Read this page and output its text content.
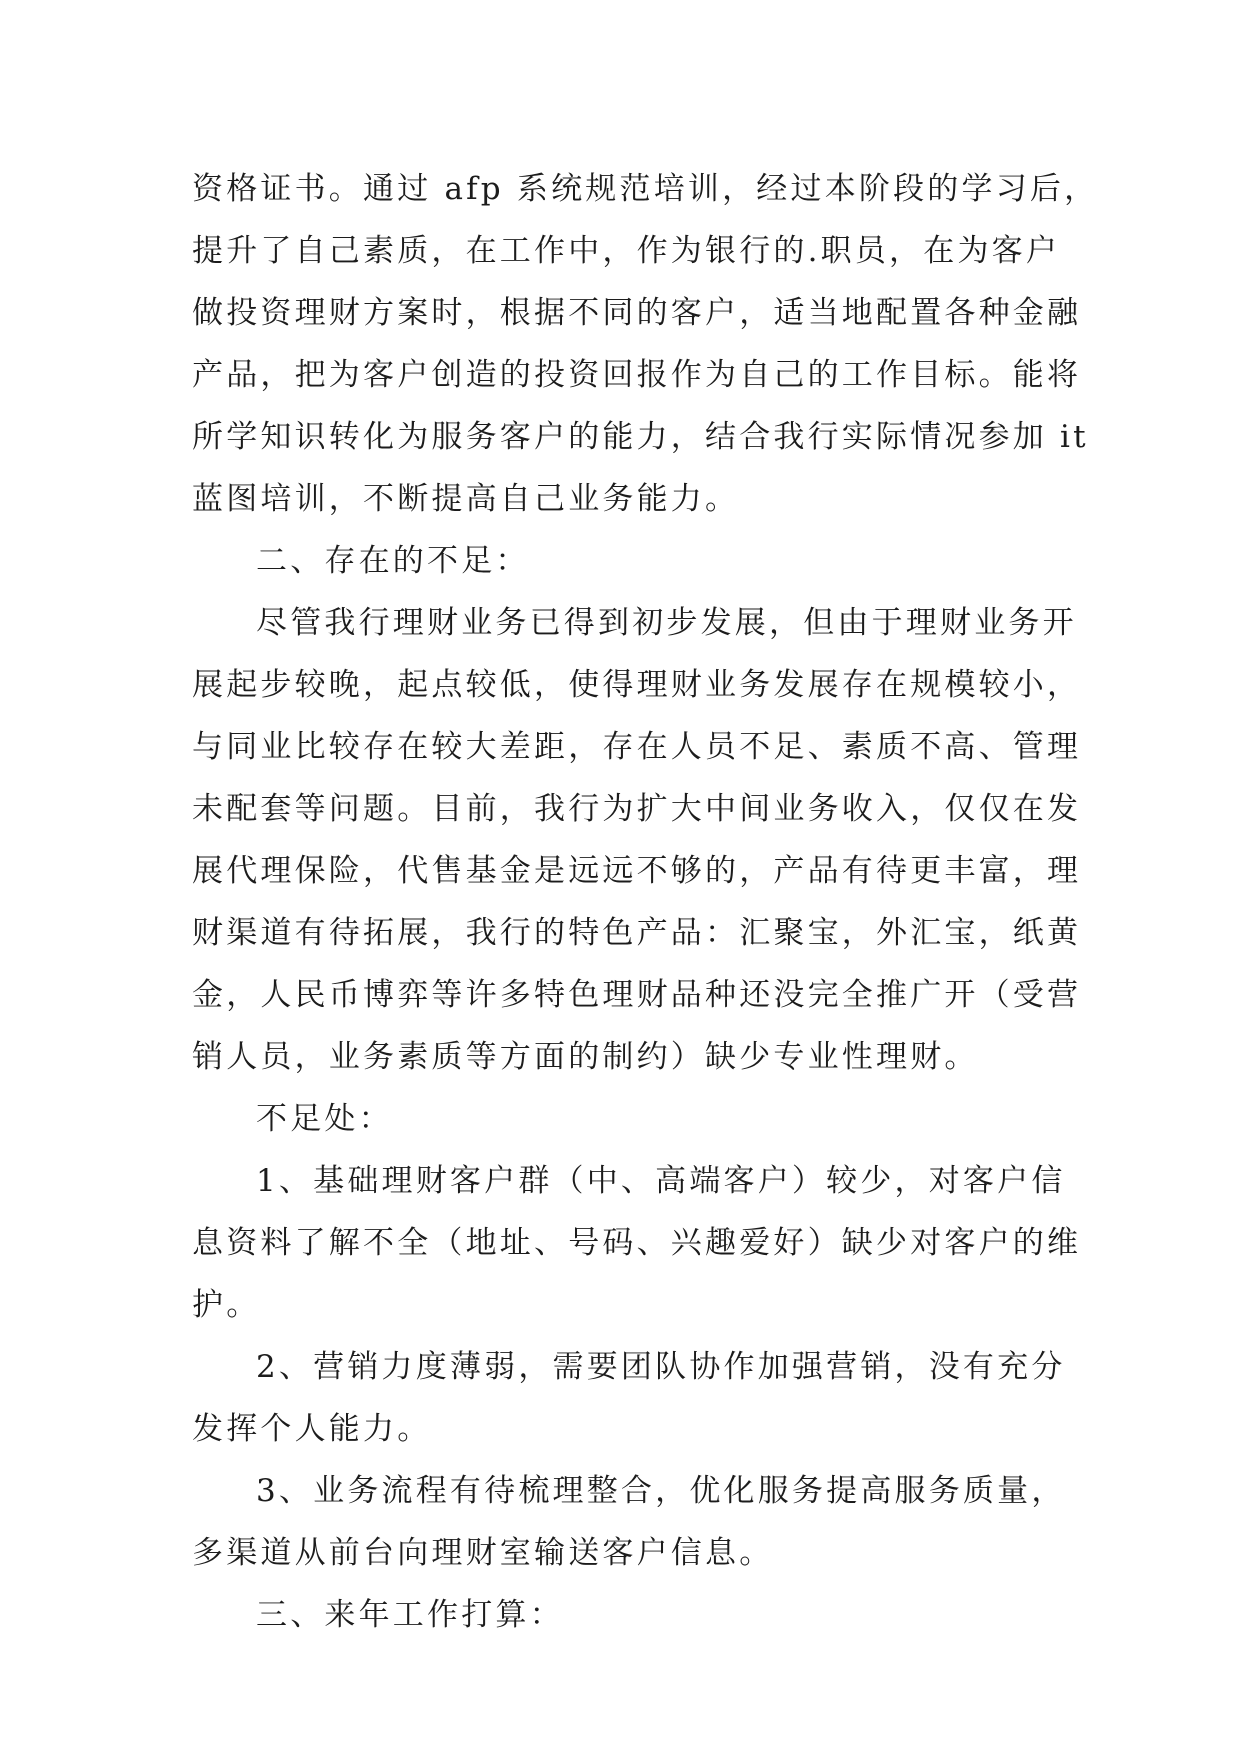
资格证书。通过 afp 系统规范培训，经过本阶段的学习后，
提升了自己素质，在工作中，作为银行的.职员，在为客户
做投资理财方案时，根据不同的客户，适当地配置各种金融
产品，把为客户创造的投资回报作为自己的工作目标。能将
所学知识转化为服务客户的能力，结合我行实际情况参加 it
蓝图培训，不断提高自己业务能力。
二、存在的不足：
尽管我行理财业务已得到初步发展，但由于理财业务开
展起步较晚，起点较低，使得理财业务发展存在规模较小，
与同业比较存在较大差距，存在人员不足、素质不高、管理
未配套等问题。目前，我行为扩大中间业务收入，仅仅在发
展代理保险，代售基金是远远不够的，产品有待更丰富，理
财渠道有待拓展，我行的特色产品：汇聚宝，外汇宝，纸黄
金，人民币博弈等许多特色理财品种还没完全推广开（受营
销人员，业务素质等方面的制约）缺少专业性理财。
不足处：
1、基础理财客户群（中、高端客户）较少，对客户信
息资料了解不全（地址、号码、兴趣爱好）缺少对客户的维
护。
2、营销力度薄弱，需要团队协作加强营销，没有充分
发挥个人能力。
3、业务流程有待梳理整合，优化服务提高服务质量，
多渠道从前台向理财室输送客户信息。
三、来年工作打算：
